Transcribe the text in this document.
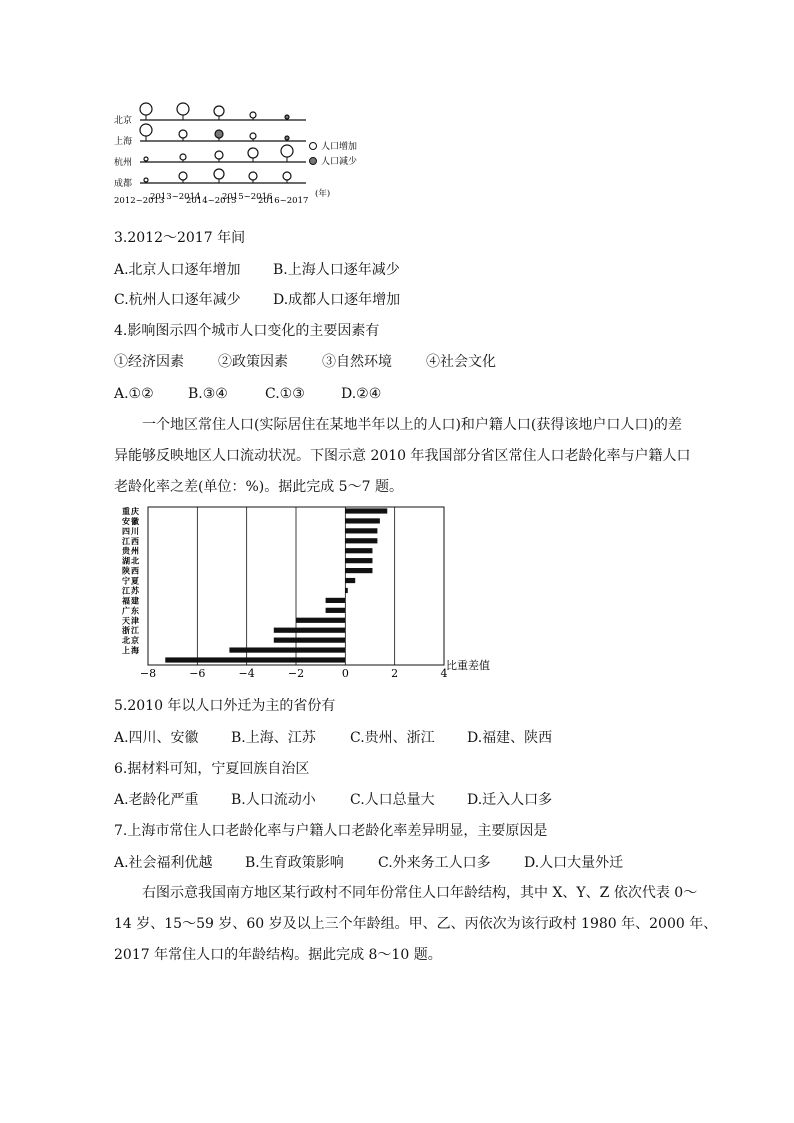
北京
上海
杭州
成都
2012~2013
2013~2014
2014~2015
2015~2016
2016~2017
(年)
人口增加
人口减少
3.2012～2017 年间
A.北京人口逐年增加 B.上海人口逐年减少
C.杭州人口逐年减少 D.成都人口逐年增加
4.影响图示四个城市人口变化的主要因素有
①经济因素 ②政策因素 ③自然环境 ④社会文化
A.①② B.③④	C.①③	D.②④
一个地区常住人口(实际居住在某地半年以上的人口)和户籍人口(获得该地户口人口)的差
异能够反映地区人口流动状况。下图示意 2010 年我国部分省区常住人口老龄化率与户籍人口
老龄化率之差(单位：%)。据此完成 5～7 题。
重庆
安徽
四川
江西
贵州
湖北
陕西
宁夏
江苏
福建
广东
天津
浙江
北京
上海
−8	−6	−4	−2	0	2	4
比重差值
5.2010 年以人口外迁为主的省份有
A.四川、安徽 B.上海、江苏 C.贵州、浙江 D.福建、陕西
6.据材料可知，宁夏回族自治区
A.老龄化严重 B.人口流动小 C.人口总量大 D.迁入人口多
7.上海市常住人口老龄化率与户籍人口老龄化率差异明显，主要原因是
A.社会福利优越 B.生育政策影响 C.外来务工人口多 D.人口大量外迁
右图示意我国南方地区某行政村不同年份常住人口年龄结构，其中 X、Y、Z 依次代表 0～
14 岁、15～59 岁、60 岁及以上三个年龄组。甲、乙、丙依次为该行政村 1980 年、2000 年、
2017 年常住人口的年龄结构。据此完成 8～10 题。
